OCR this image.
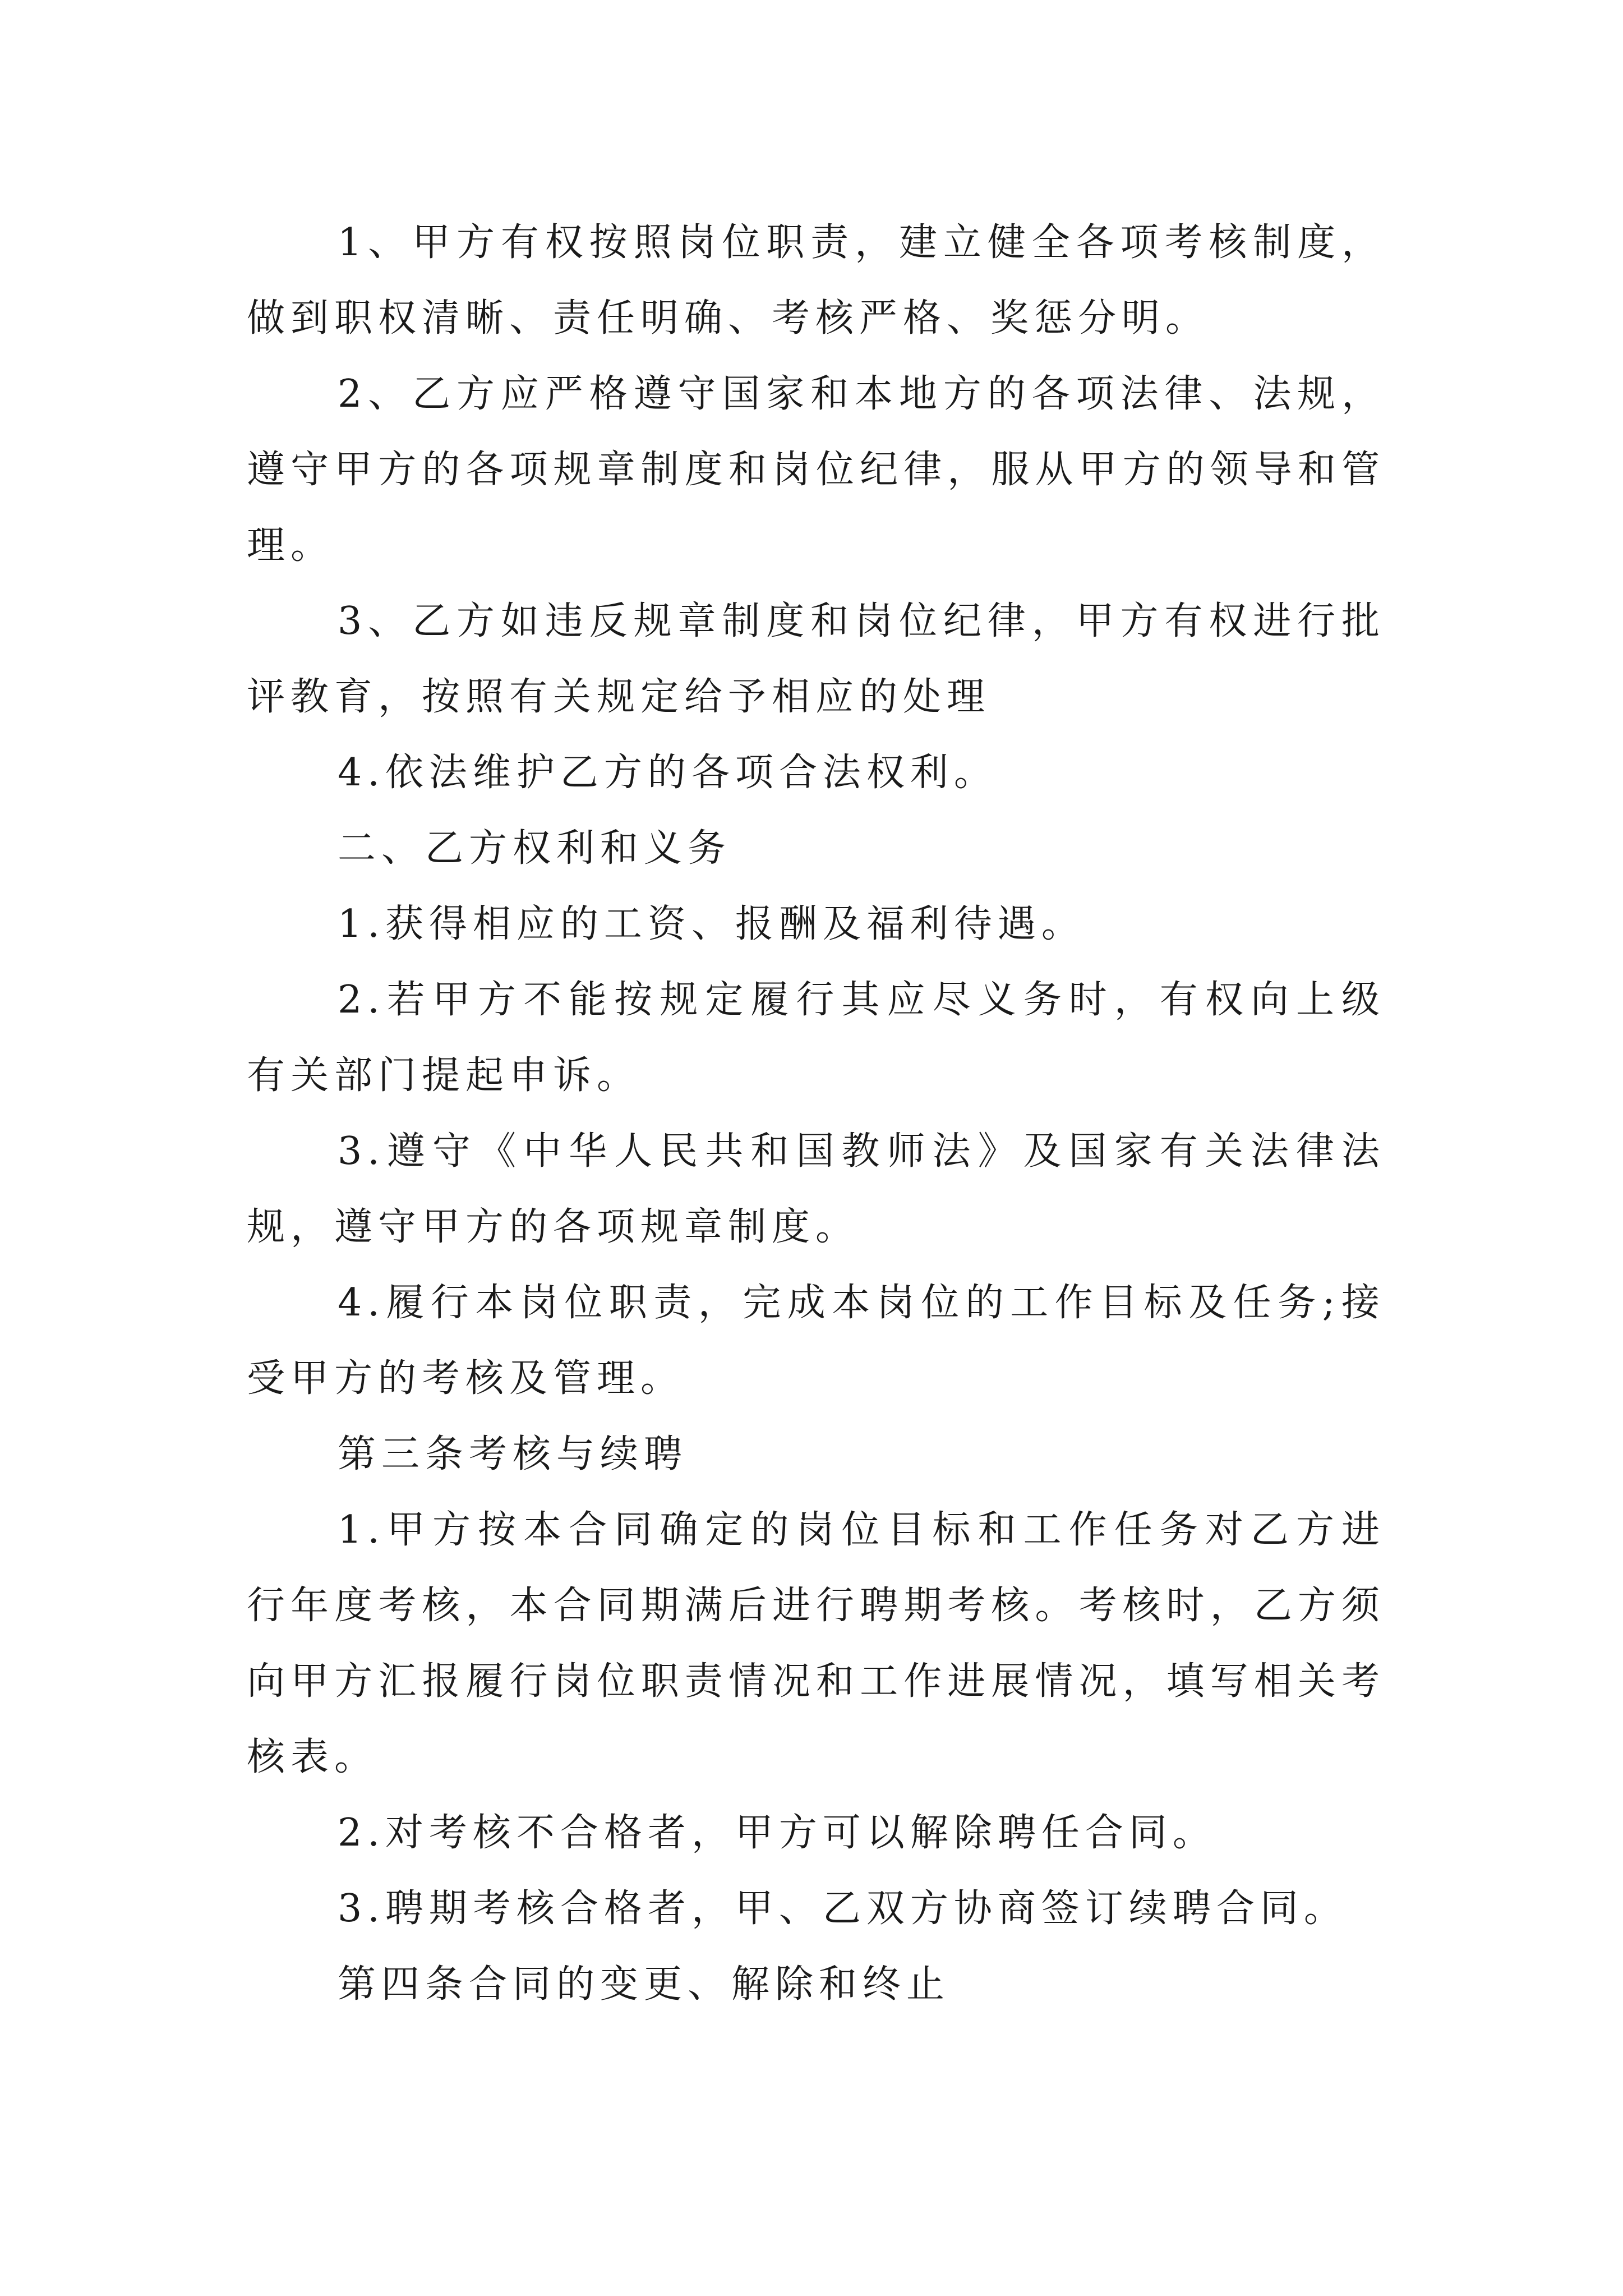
1、甲方有权按照岗位职责，建立健全各项考核制度，做到职权清晰、责任明确、考核严格、奖惩分明。

2、乙方应严格遵守国家和本地方的各项法律、法规，遵守甲方的各项规章制度和岗位纪律，服从甲方的领导和管理。

3、乙方如违反规章制度和岗位纪律，甲方有权进行批评教育，按照有关规定给予相应的处理

4.依法维护乙方的各项合法权利。

二、乙方权利和义务

1.获得相应的工资、报酬及福利待遇。

2.若甲方不能按规定履行其应尽义务时，有权向上级有关部门提起申诉。

3.遵守《中华人民共和国教师法》及国家有关法律法规，遵守甲方的各项规章制度。

4.履行本岗位职责，完成本岗位的工作目标及任务;接受甲方的考核及管理。

第三条考核与续聘

1.甲方按本合同确定的岗位目标和工作任务对乙方进行年度考核，本合同期满后进行聘期考核。考核时，乙方须向甲方汇报履行岗位职责情况和工作进展情况，填写相关考核表。

2.对考核不合格者，甲方可以解除聘任合同。

3.聘期考核合格者，甲、乙双方协商签订续聘合同。

第四条合同的变更、解除和终止
